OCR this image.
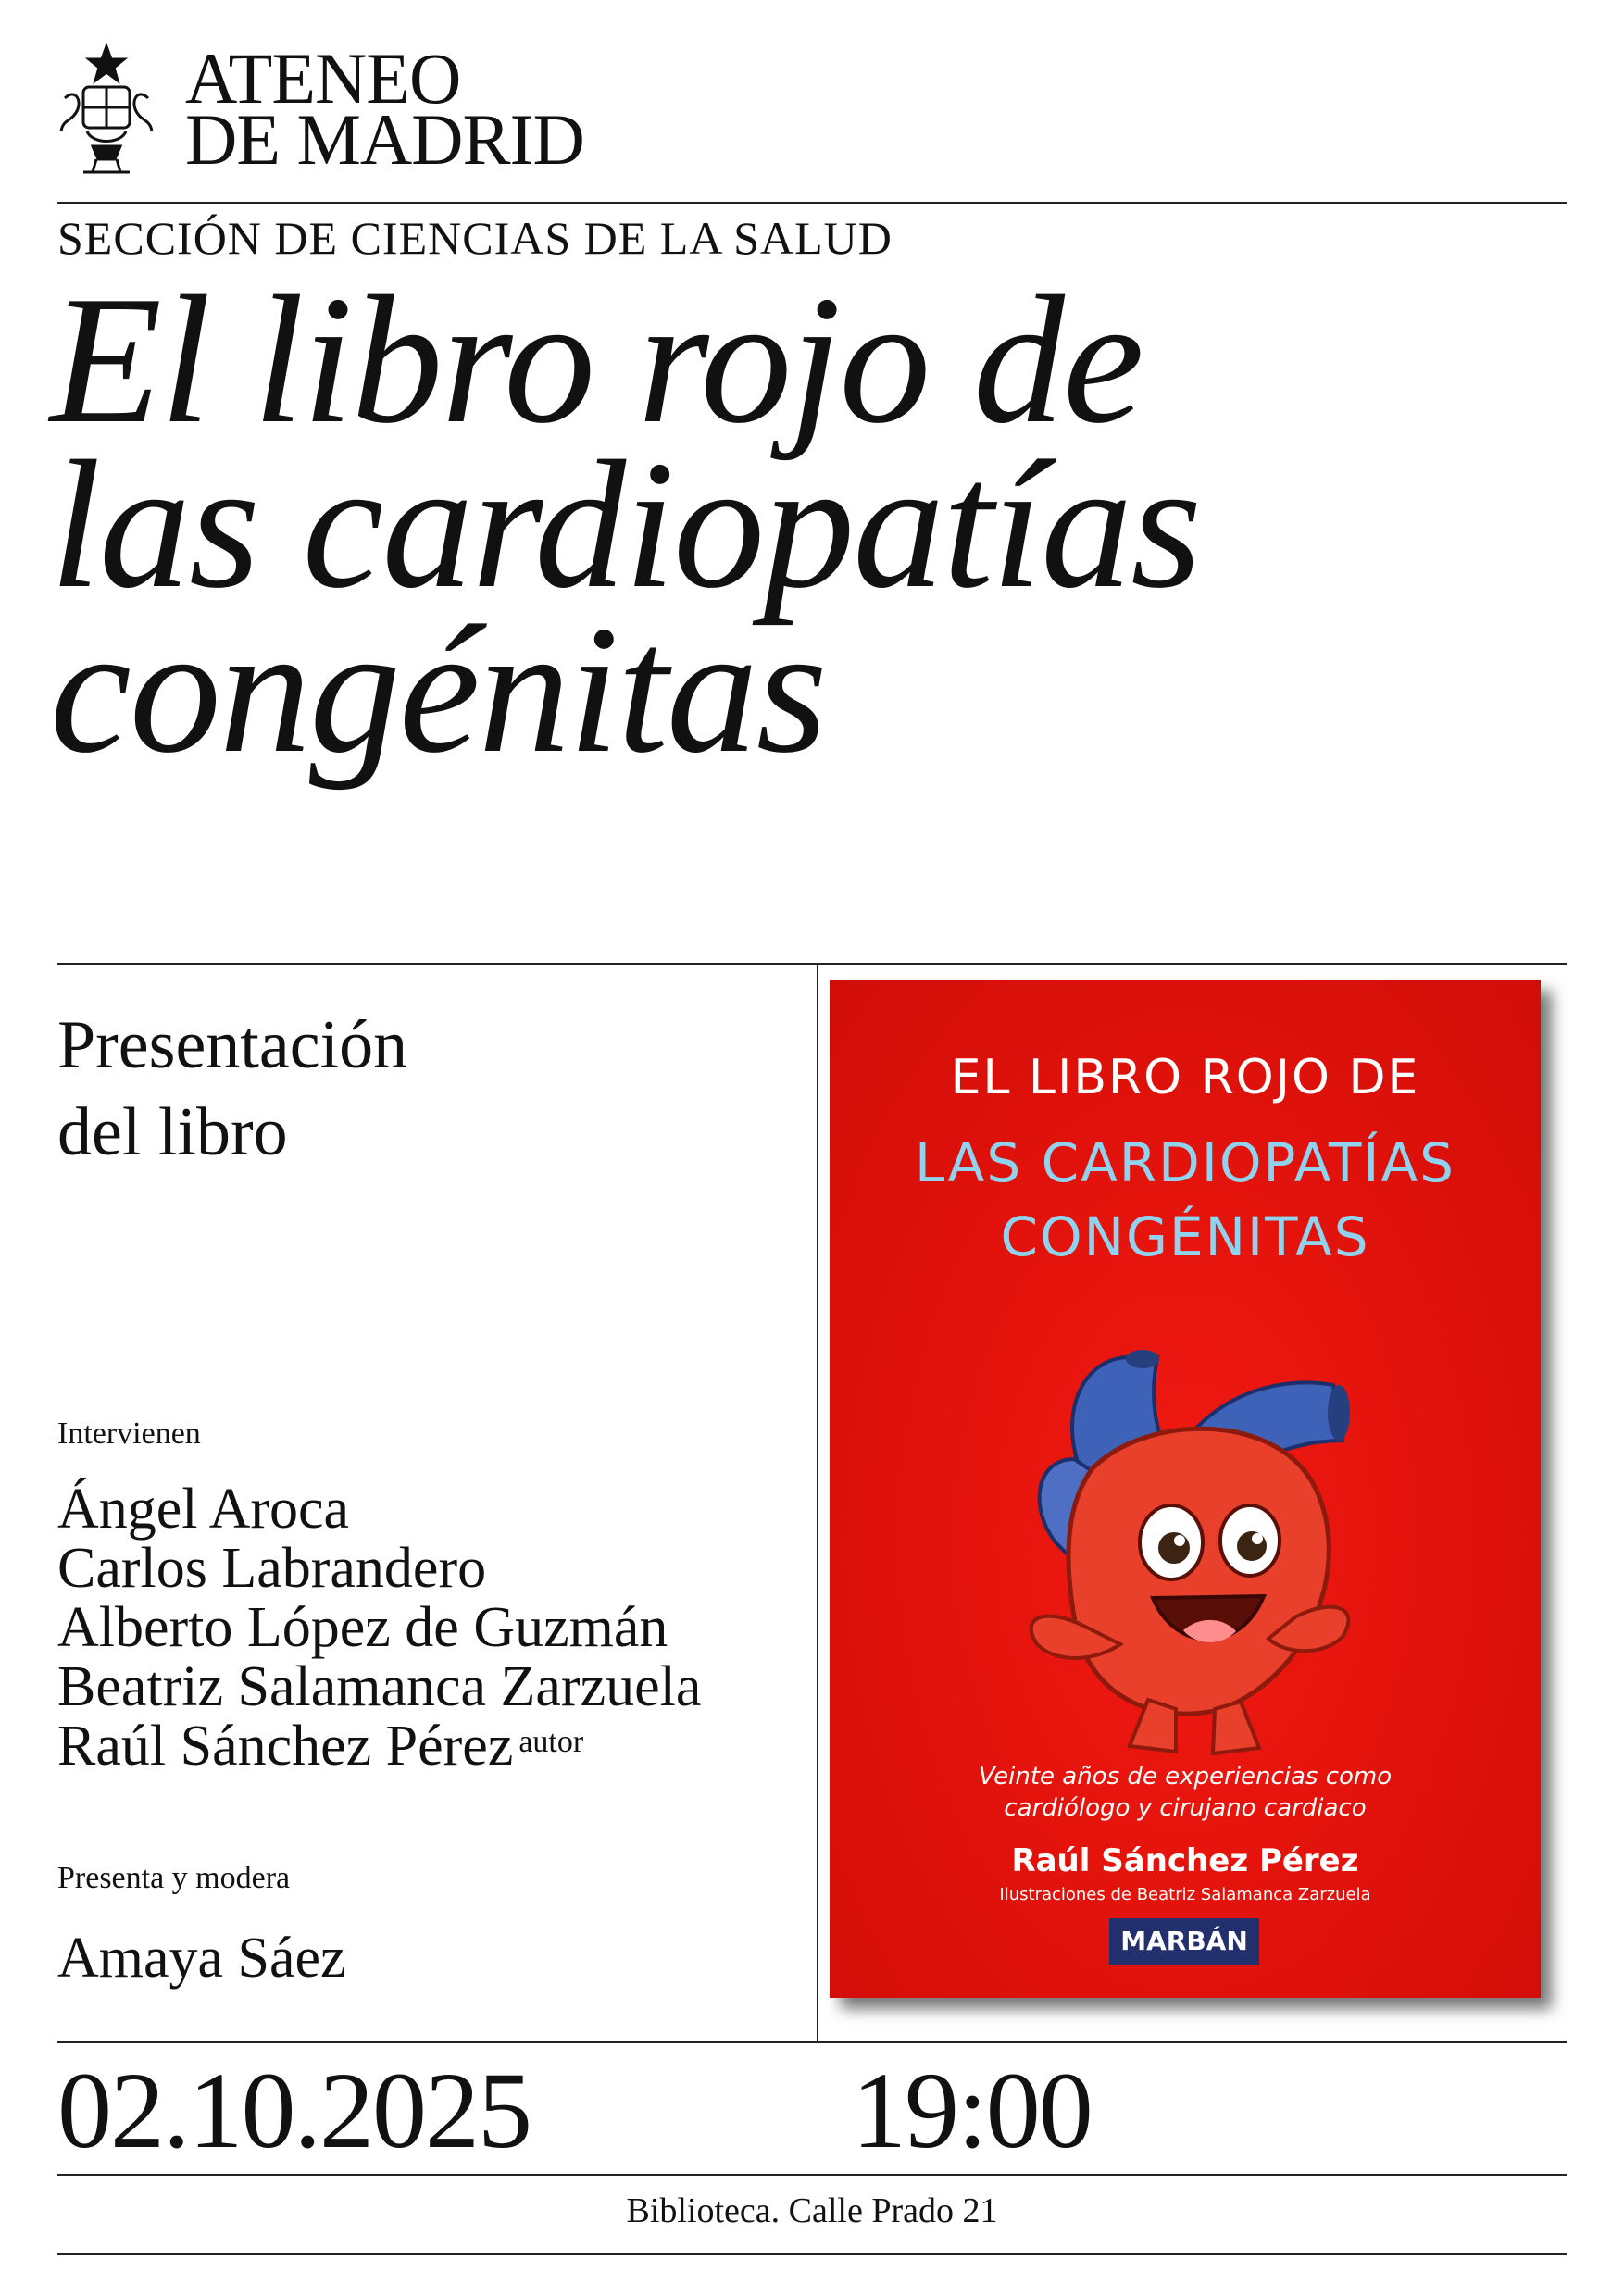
ATENEO
DE MADRID
SECCIÓN DE CIENCIAS DE LA SALUD
El libro rojo de
las cardiopatías
congénitas
Presentación
del libro
Intervienen
Ángel Aroca
Carlos Labrandero
Alberto López de Guzmán
Beatriz Salamanca Zarzuela
Raúl Sánchez Pérez $^{autor}$
Presenta y modera
Amaya Sáez
EL LIBRO ROJO DE
LAS CARDIOPATÍAS
CONGÉNITAS
Veinte años de experiencias como
cardiólogo y cirujano cardiaco
Raúl Sánchez Pérez
Ilustraciones de Beatriz Salamanca Zarzuela
MARBÁN
02.10.2025	19:00
Biblioteca. Calle Prado 21
